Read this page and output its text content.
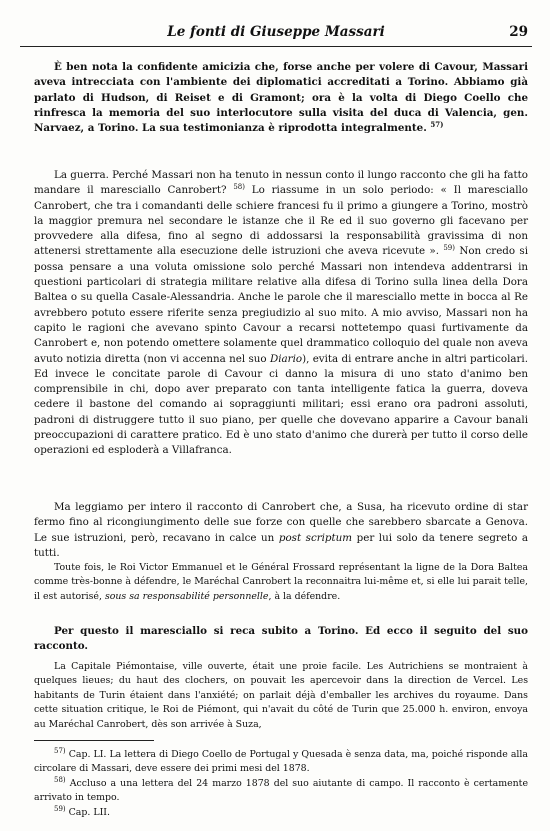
Le fonti di Giuseppe Massari	29

È ben nota la confidente amicizia che, forse anche per volere di Cavour, Massari aveva intrecciata con l'ambiente dei diplomatici accreditati a Torino. Abbiamo già parlato di Hudson, di Reiset e di Gramont; ora è la volta di Diego Coello che rinfresca la memoria del suo interlocutore sulla visita del duca di Valencia, gen. Narvaez, a Torino. La sua testimonianza è riprodotta integralmente. $^{57)}$

La guerra. Perché Massari non ha tenuto in nessun conto il lungo racconto che gli ha fatto mandare il maresciallo Canrobert? $^{58)}$ Lo riassume in un solo periodo: « Il maresciallo Canrobert, che tra i comandanti delle schiere francesi fu il primo a giungere a Torino, mostrò la maggior premura nel secondare le istanze che il Re ed il suo governo gli facevano per provvedere alla difesa, fino al segno di addossarsi la responsabilità gravissima di non attenersi strettamente alla esecuzione delle istruzioni che aveva ricevute ». $^{59)}$ Non credo si possa pensare a una voluta omissione solo perché Massari non intendeva addentrarsi in questioni particolari di strategia militare relative alla difesa di Torino sulla linea della Dora Baltea o su quella Casale-Alessandria. Anche le parole che il maresciallo mette in bocca al Re avrebbero potuto essere riferite senza pregiudizio al suo mito. A mio avviso, Massari non ha capito le ragioni che avevano spinto Cavour a recarsi nottetempo quasi furtivamente da Canrobert e, non potendo omettere solamente quel drammatico colloquio del quale non aveva avuto notizia diretta (non vi accenna nel suo Diario), evita di entrare anche in altri particolari. Ed invece le concitate parole di Cavour ci danno la misura di uno stato d'animo ben comprensibile in chi, dopo aver preparato con tanta intelligente fatica la guerra, doveva cedere il bastone del comando ai sopraggiunti militari; essi erano ora padroni assoluti, padroni di distruggere tutto il suo piano, per quelle che dovevano apparire a Cavour banali preoccupazioni di carattere pratico. Ed è uno stato d'animo che durerà per tutto il corso delle operazioni ed esploderà a Villafranca.

Ma leggiamo per intero il racconto di Canrobert che, a Susa, ha ricevuto ordine di star fermo fino al ricongiungimento delle sue forze con quelle che sarebbero sbarcate a Genova. Le sue istruzioni, però, recavano in calce un post scriptum per lui solo da tenere segreto a tutti.

Toute fois, le Roi Victor Emmanuel et le Général Frossard représentant la ligne de la Dora Baltea comme très-bonne à défendre, le Maréchal Canrobert la reconnaitra lui-même et, si elle lui parait telle, il est autorisé, sous sa responsabilité personnelle, à la défendre.

Per questo il maresciallo si reca subito a Torino. Ed ecco il seguito del suo racconto.

La Capitale Piémontaise, ville ouverte, était une proie facile. Les Autrichiens se montraient à quelques lieues; du haut des clochers, on pouvait les apercevoir dans la direction de Vercel. Les habitants de Turin étaient dans l'anxiété; on parlait déjà d'emballer les archives du royaume. Dans cette situation critique, le Roi de Piémont, qui n'avait du côté de Turin que 25.000 h. environ, envoya au Maréchal Canrobert, dès son arrivée à Suza,

$^{57)}$ Cap. LI. La lettera di Diego Coello de Portugal y Quesada è senza data, ma, poiché risponde alla circolare di Massari, deve essere dei primi mesi del 1878.

$^{58)}$ Accluso a una lettera del 24 marzo 1878 del suo aiutante di campo. Il racconto è certamente arrivato in tempo.

$^{59)}$ Cap. LII.
